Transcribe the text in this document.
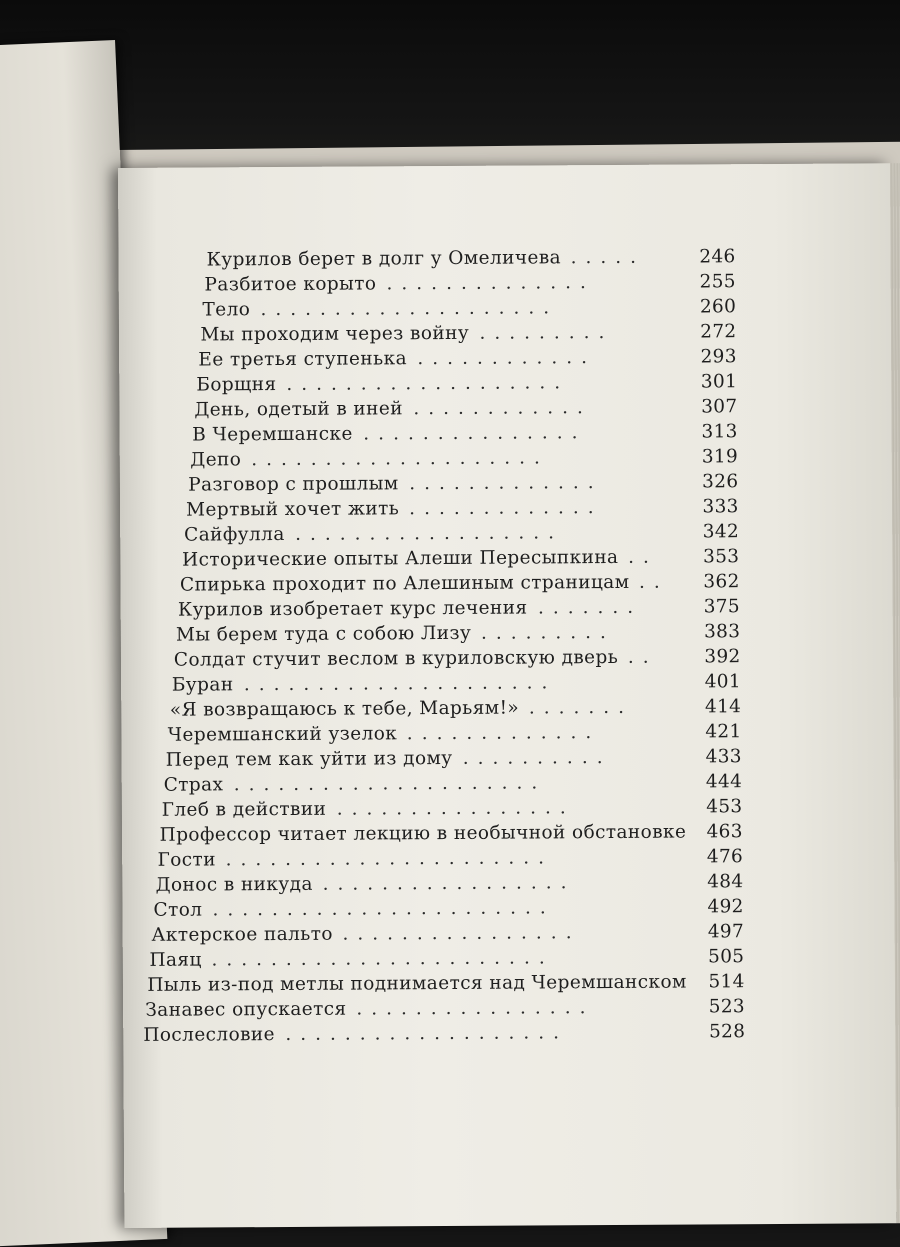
Курилов берет в долг у Омеличева .....	246
Разбитое корыто ..............	255
Тело ....................	260
Мы проходим через войну .........	272
Ее третья ступенька ............	293
Борщня ...................	301
День, одетый в иней ............	307
В Черемшанске ...............	313
Депо ....................	319
Разговор с прошлым .............	326
Мертвый хочет жить .............	333
Сайфулла ..................	342
Исторические опыты Алеши Пересыпкина ..	353
Спирька проходит по Алешиным страницам ..	362
Курилов изобретает курс лечения .......	375
Мы берем туда с собою Лизу .........	383
Солдат стучит веслом в куриловскую дверь ..	392
Буран .....................	401
«Я возвращаюсь к тебе, Марьям!» .......	414
Черемшанский узелок .............	421
Перед тем как уйти из дому ..........	433
Страх .....................	444
Глеб в действии ................	453
Профессор читает лекцию в необычной обстановке 463
Гости ......................	476
Донос в никуда .................	484
Стол .......................	492
Актерское пальто ................	497
Паяц .......................	505
Пыль из-под метлы поднимается над Черемшанском 514
Занавес опускается ................	523
Послесловие ...................	528
